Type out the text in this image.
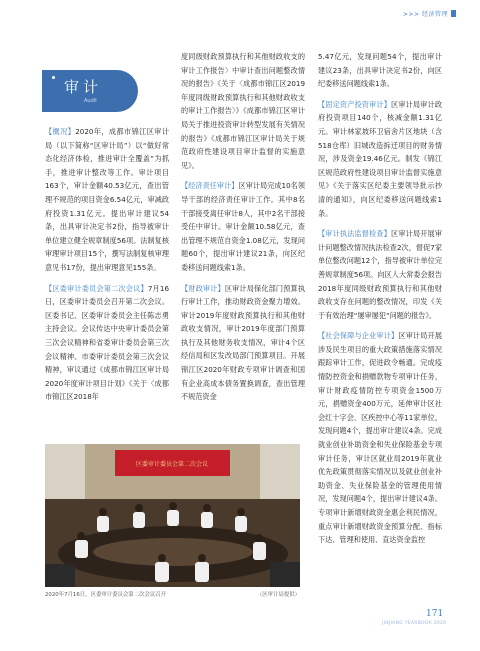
>>> 经济管理
审计
Audit

【概况】2020年，成都市锦江区审计局（以下简称“区审计局”）以“做好常态化经济体检，推进审计全覆盖”为抓手，推进审计整改等工作。审计项目163个，审计金额40.53亿元，查出管理不规范的项目资金6.54亿元，审减政府投资1.31亿元。提出审计建议54条，出具审计决定书2份，指导被审计单位建立健全规章制度56项。法制复核审理审计项目15个，撰写法制复核审理意见书17份，提出审理意见155条。

【区委审计委员会第二次会议】7月16日，区委审计委员会召开第二次会议。区委书记、区委审计委员会主任陈志勇主持会议。会议传达中央审计委员会第三次会议精神和省委审计委员会第三次会议精神、市委审计委员会第三次会议精神，审议通过《成都市锦江区审计局2020年度审计项目计划》《关于〈成都市锦江区2018年

度同级财政预算执行和其他财政收支的审计工作报告〉中审计查出问题整改情况的报告》《关于〈成都市锦江区2019年度同级财政预算执行和其他财政收支的审计工作报告〉》《成都市锦江区审计局关于推进投资审计转型发展有关情况的报告》《成都市锦江区审计局关于规范政府性建设项目审计监督的实施意见》。

【经济责任审计】区审计局完成10名领导干部的经济责任审计工作。其中8名干部接受离任审计8人，其中2名干部接受任中审计。审计金额10.58亿元，查出管理不规范自资金1.08亿元，发现问题60个，提出审计建议21条，向区纪委移送问题线索1条。

【财政审计】区审计局保化部门预算执行审计工作，推动财政资金聚力增效。审计2019年度财政预算执行和其他财政收支情况，审计2019年度部门预算执行及其他财务收支情况，审计4个区经信局和区发改局部门预算项目。开展锦江区2020年财政专项审计调查和国有企业高成本债务置换调查，查出管理不规范资金

5.47亿元，发现问题54个，提出审计建议23条，出具审计决定书2份，向区纪委移送问题线索1条。

【固定资产投资审计】区审计局审计政府投资项目140个，核减金额1.31亿元。审计林家坡环卫宿舍片区地块（含518仓库）旧城改造拆迁项目的财务情况，涉及资金19.46亿元。制发《锦江区规范政府性建设项目审计监督实施意见》《关于落实区纪委主要领导批示抄清的通知》，向区纪委移送问题线索1条。

【审计执法监督检查】区审计局开展审计问题整改情况执法检查2次，督促7家单位整改问题12个，指导被审计单位完善规章制度56项。向区人大常委会报告2018年度同级财政预算执行和其他财政收支存在问题的整改情况，印发《关于有效治理“屡审屡犯”问题的报告》。

【社会保障与企业审计】区审计局开展涉及民生项目的重大政策措施落实情况跟踪审计工作，促进政令畅通。完成疫情防控资金和捐赠款物专项审计任务，审计财政疫情防控专项资金1500万元，捐赠资金400万元，延伸审计区社会红十字会、区疾控中心等11家单位，发现问题4个，提出审计建议4条。完成就业创业补助资金和失业保险基金专项审计任务，审计区就业局2019年就业优先政策贯彻落实情况以及就业创业补助资金、失业保险基金的管理使用情况，发现问题4个，提出审计建议4条。专项审计新增财政资金惠企利民情况，重点审计新增财政资金预算分配、指标下达、管理和使用、直达资金监控

区委审计委员会第二次会议
2020年7月16日，区委审计委员会第二次会议召开	（区审计局提供）
171
JINJIANG YEARBOOK 2020
